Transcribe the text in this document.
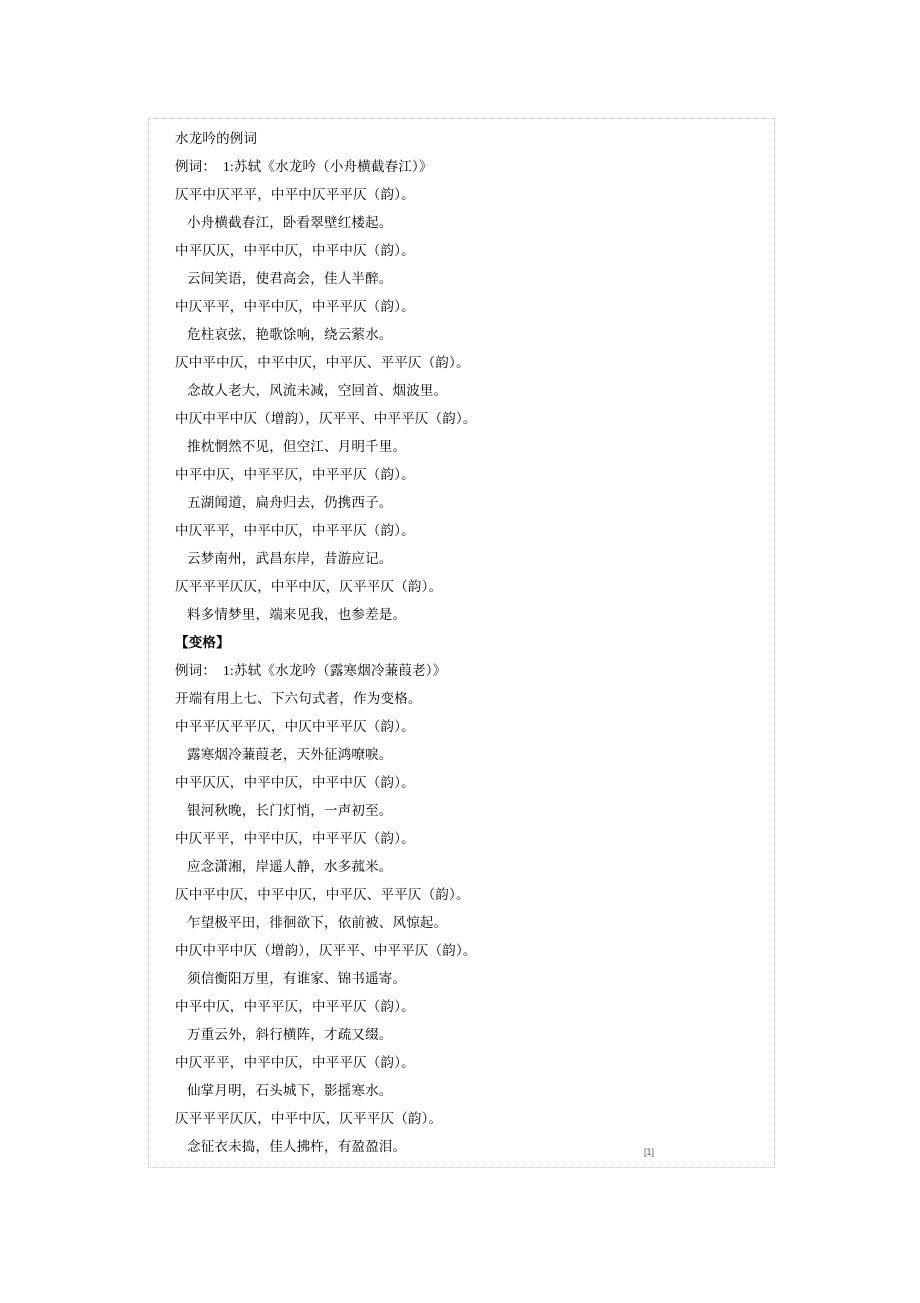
水龙吟的例词
例词：　1:苏轼《水龙吟（小舟横截春江）》
仄平中仄平平，中平中仄平平仄（韵）。
小舟横截春江，卧看翠壁红楼起。
中平仄仄，中平中仄，中平中仄（韵）。
云间笑语，使君高会，佳人半醉。
中仄平平，中平中仄，中平平仄（韵）。
危柱哀弦，艳歌馀响，绕云萦水。
仄中平中仄，中平中仄，中平仄、平平仄（韵）。
念故人老大，风流未减，空回首、烟波里。
中仄中平中仄（增韵），仄平平、中平平仄（韵）。
推枕惘然不见，但空江、月明千里。
中平中仄，中平平仄，中平平仄（韵）。
五湖闻道，扁舟归去，仍携西子。
中仄平平，中平中仄，中平平仄（韵）。
云梦南州，武昌东岸，昔游应记。
仄平平平仄仄，中平中仄，仄平平仄（韵）。
料多情梦里，端来见我，也参差是。
【变格】
例词：　1:苏轼《水龙吟（露寒烟冷蒹葭老）》
开端有用上七、下六句式者，作为变格。
中平平仄平平仄，中仄中平平仄（韵）。
露寒烟冷蒹葭老，天外征鸿嘹唳。
中平仄仄，中平中仄，中平中仄（韵）。
银河秋晚，长门灯悄，一声初至。
中仄平平，中平中仄，中平平仄（韵）。
应念潇湘，岸遥人静，水多菰米。
仄中平中仄，中平中仄，中平仄、平平仄（韵）。
乍望极平田，徘徊欲下，依前被、风惊起。
中仄中平中仄（增韵），仄平平、中平平仄（韵）。
须信衡阳万里，有谁家、锦书遥寄。
中平中仄，中平平仄，中平平仄（韵）。
万重云外，斜行横阵，才疏又缀。
中仄平平，中平中仄，中平平仄（韵）。
仙掌月明，石头城下，影摇寒水。
仄平平平仄仄，中平中仄，仄平平仄（韵）。
念征衣未捣，佳人拂杵，有盈盈泪。	[1]
